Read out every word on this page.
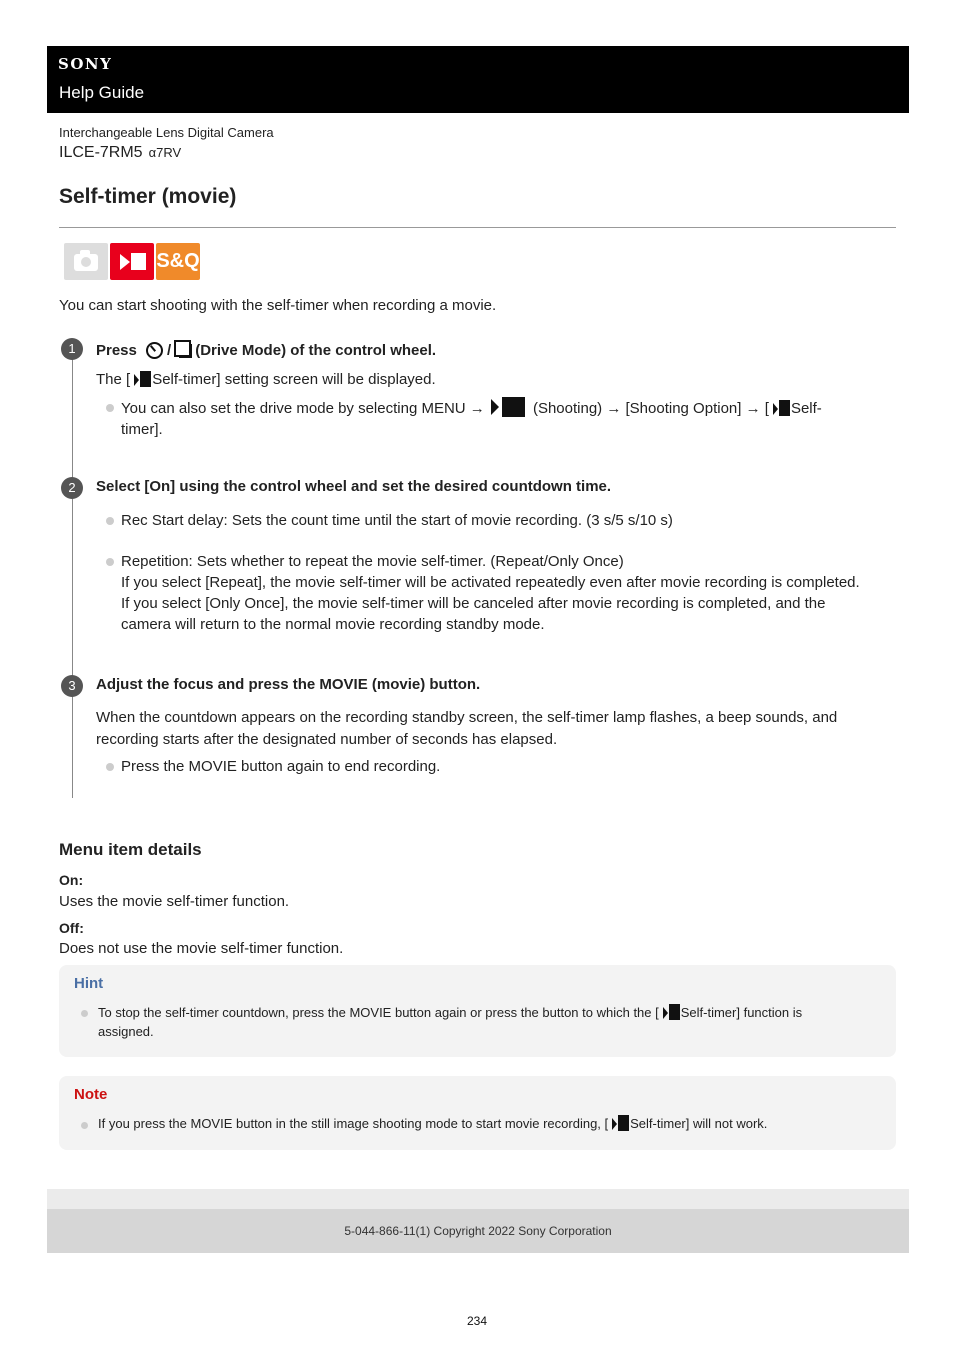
SONY
Help Guide
Interchangeable Lens Digital Camera
ILCE-7RM5 α7RV
Self-timer (movie)
S&Q
You can start shooting with the self-timer when recording a movie.
1	Press / (Drive Mode) of the control wheel.
The [ Self-timer] setting screen will be displayed.
You can also set the drive mode by selecting MENU →	(Shooting) → [Shooting Option] → [ Self-
timer].
2	Select [On] using the control wheel and set the desired countdown time.
Rec Start delay: Sets the count time until the start of movie recording. (3 s/5 s/10 s)
Repetition: Sets whether to repeat the movie self-timer. (Repeat/Only Once)
If you select [Repeat], the movie self-timer will be activated repeatedly even after movie recording is completed.
If you select [Only Once], the movie self-timer will be canceled after movie recording is completed, and the
camera will return to the normal movie recording standby mode.
3	Adjust the focus and press the MOVIE (movie) button.
When the countdown appears on the recording standby screen, the self-timer lamp flashes, a beep sounds, and
recording starts after the designated number of seconds has elapsed.
Press the MOVIE button again to end recording.
Menu item details
On:
Uses the movie self-timer function.
Off:
Does not use the movie self-timer function.
Hint
To stop the self-timer countdown, press the MOVIE button again or press the button to which the [ Self-timer] function is
assigned.
Note
If you press the MOVIE button in the still image shooting mode to start movie recording, [ Self-timer] will not work.
5-044-866-11(1) Copyright 2022 Sony Corporation
234
